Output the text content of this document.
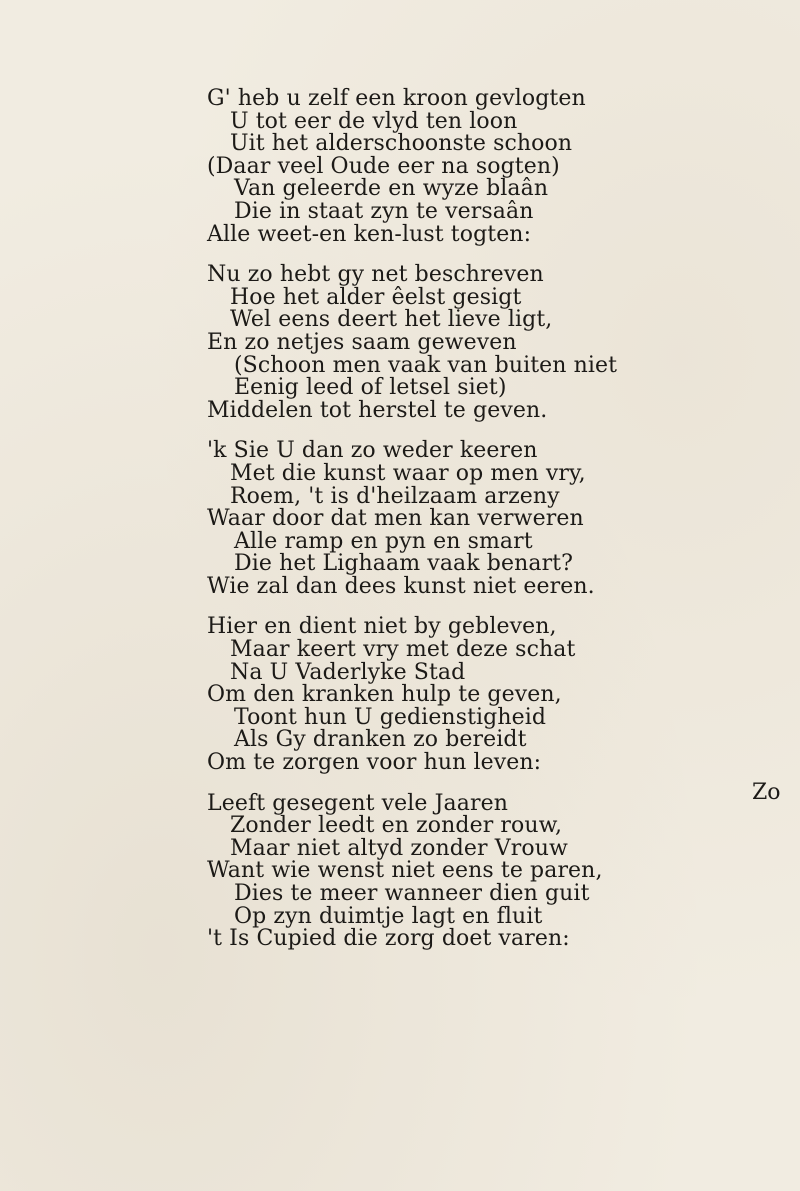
G' heb u zelf een kroon gevlogten
U tot eer de vlyd ten loon
Uit het alderschoonste schoon
(Daar veel Oude eer na sogten)
Van geleerde en wyze blaân
Die in staat zyn te versaân
Alle weet-en ken-lust togten:
Nu zo hebt gy net beschreven
Hoe het alder êelst gesigt
Wel eens deert het lieve ligt,
En zo netjes saam geweven
(Schoon men vaak van buiten niet
Eenig leed of letsel siet)
Middelen tot herstel te geven.
'k Sie U dan zo weder keeren
Met die kunst waar op men vry,
Roem, 't is d'heilzaam arzeny
Waar door dat men kan verweren
Alle ramp en pyn en smart
Die het Lighaam vaak benart?
Wie zal dan dees kunst niet eeren.
Hier en dient niet by gebleven,
Maar keert vry met deze schat
Na U Vaderlyke Stad
Om den kranken hulp te geven,
Toont hun U gedienstigheid
Als Gy dranken zo bereidt
Om te zorgen voor hun leven:
Leeft gesegent vele Jaaren
Zonder leedt en zonder rouw,
Maar niet altyd zonder Vrouw
Want wie wenst niet eens te paren,
Dies te meer wanneer dien guit
Op zyn duimtje lagt en fluit
't Is Cupied die zorg doet varen:
Zo
